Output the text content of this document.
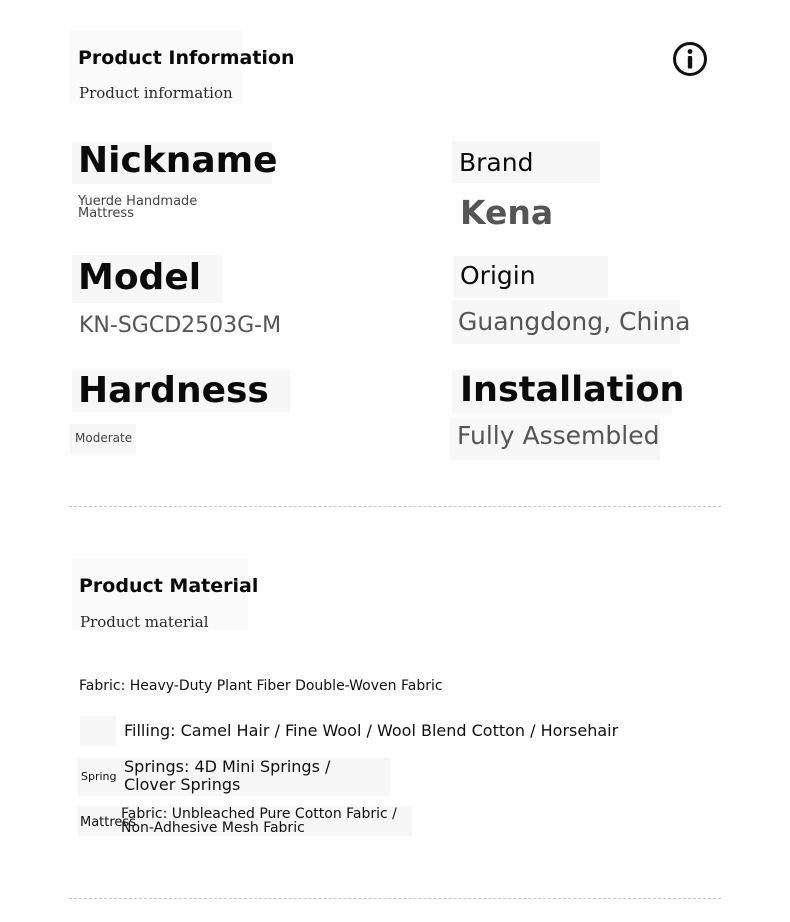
Product Information
Product information
Nickname
Yuerde Handmade Mattress
Brand
Kena
Model
KN-SGCD2503G-M
Origin
Guangdong, China
Hardness
Moderate
Installation
Fully Assembled
Product Material
Product material
Fabric: Heavy-Duty Plant Fiber Double-Woven Fabric
Filling: Camel Hair / Fine Wool / Wool Blend Cotton / Horsehair
Spring
Springs: 4D Mini Springs / Clover Springs
Mattress
Fabric: Unbleached Pure Cotton Fabric / Non-Adhesive Mesh Fabric
